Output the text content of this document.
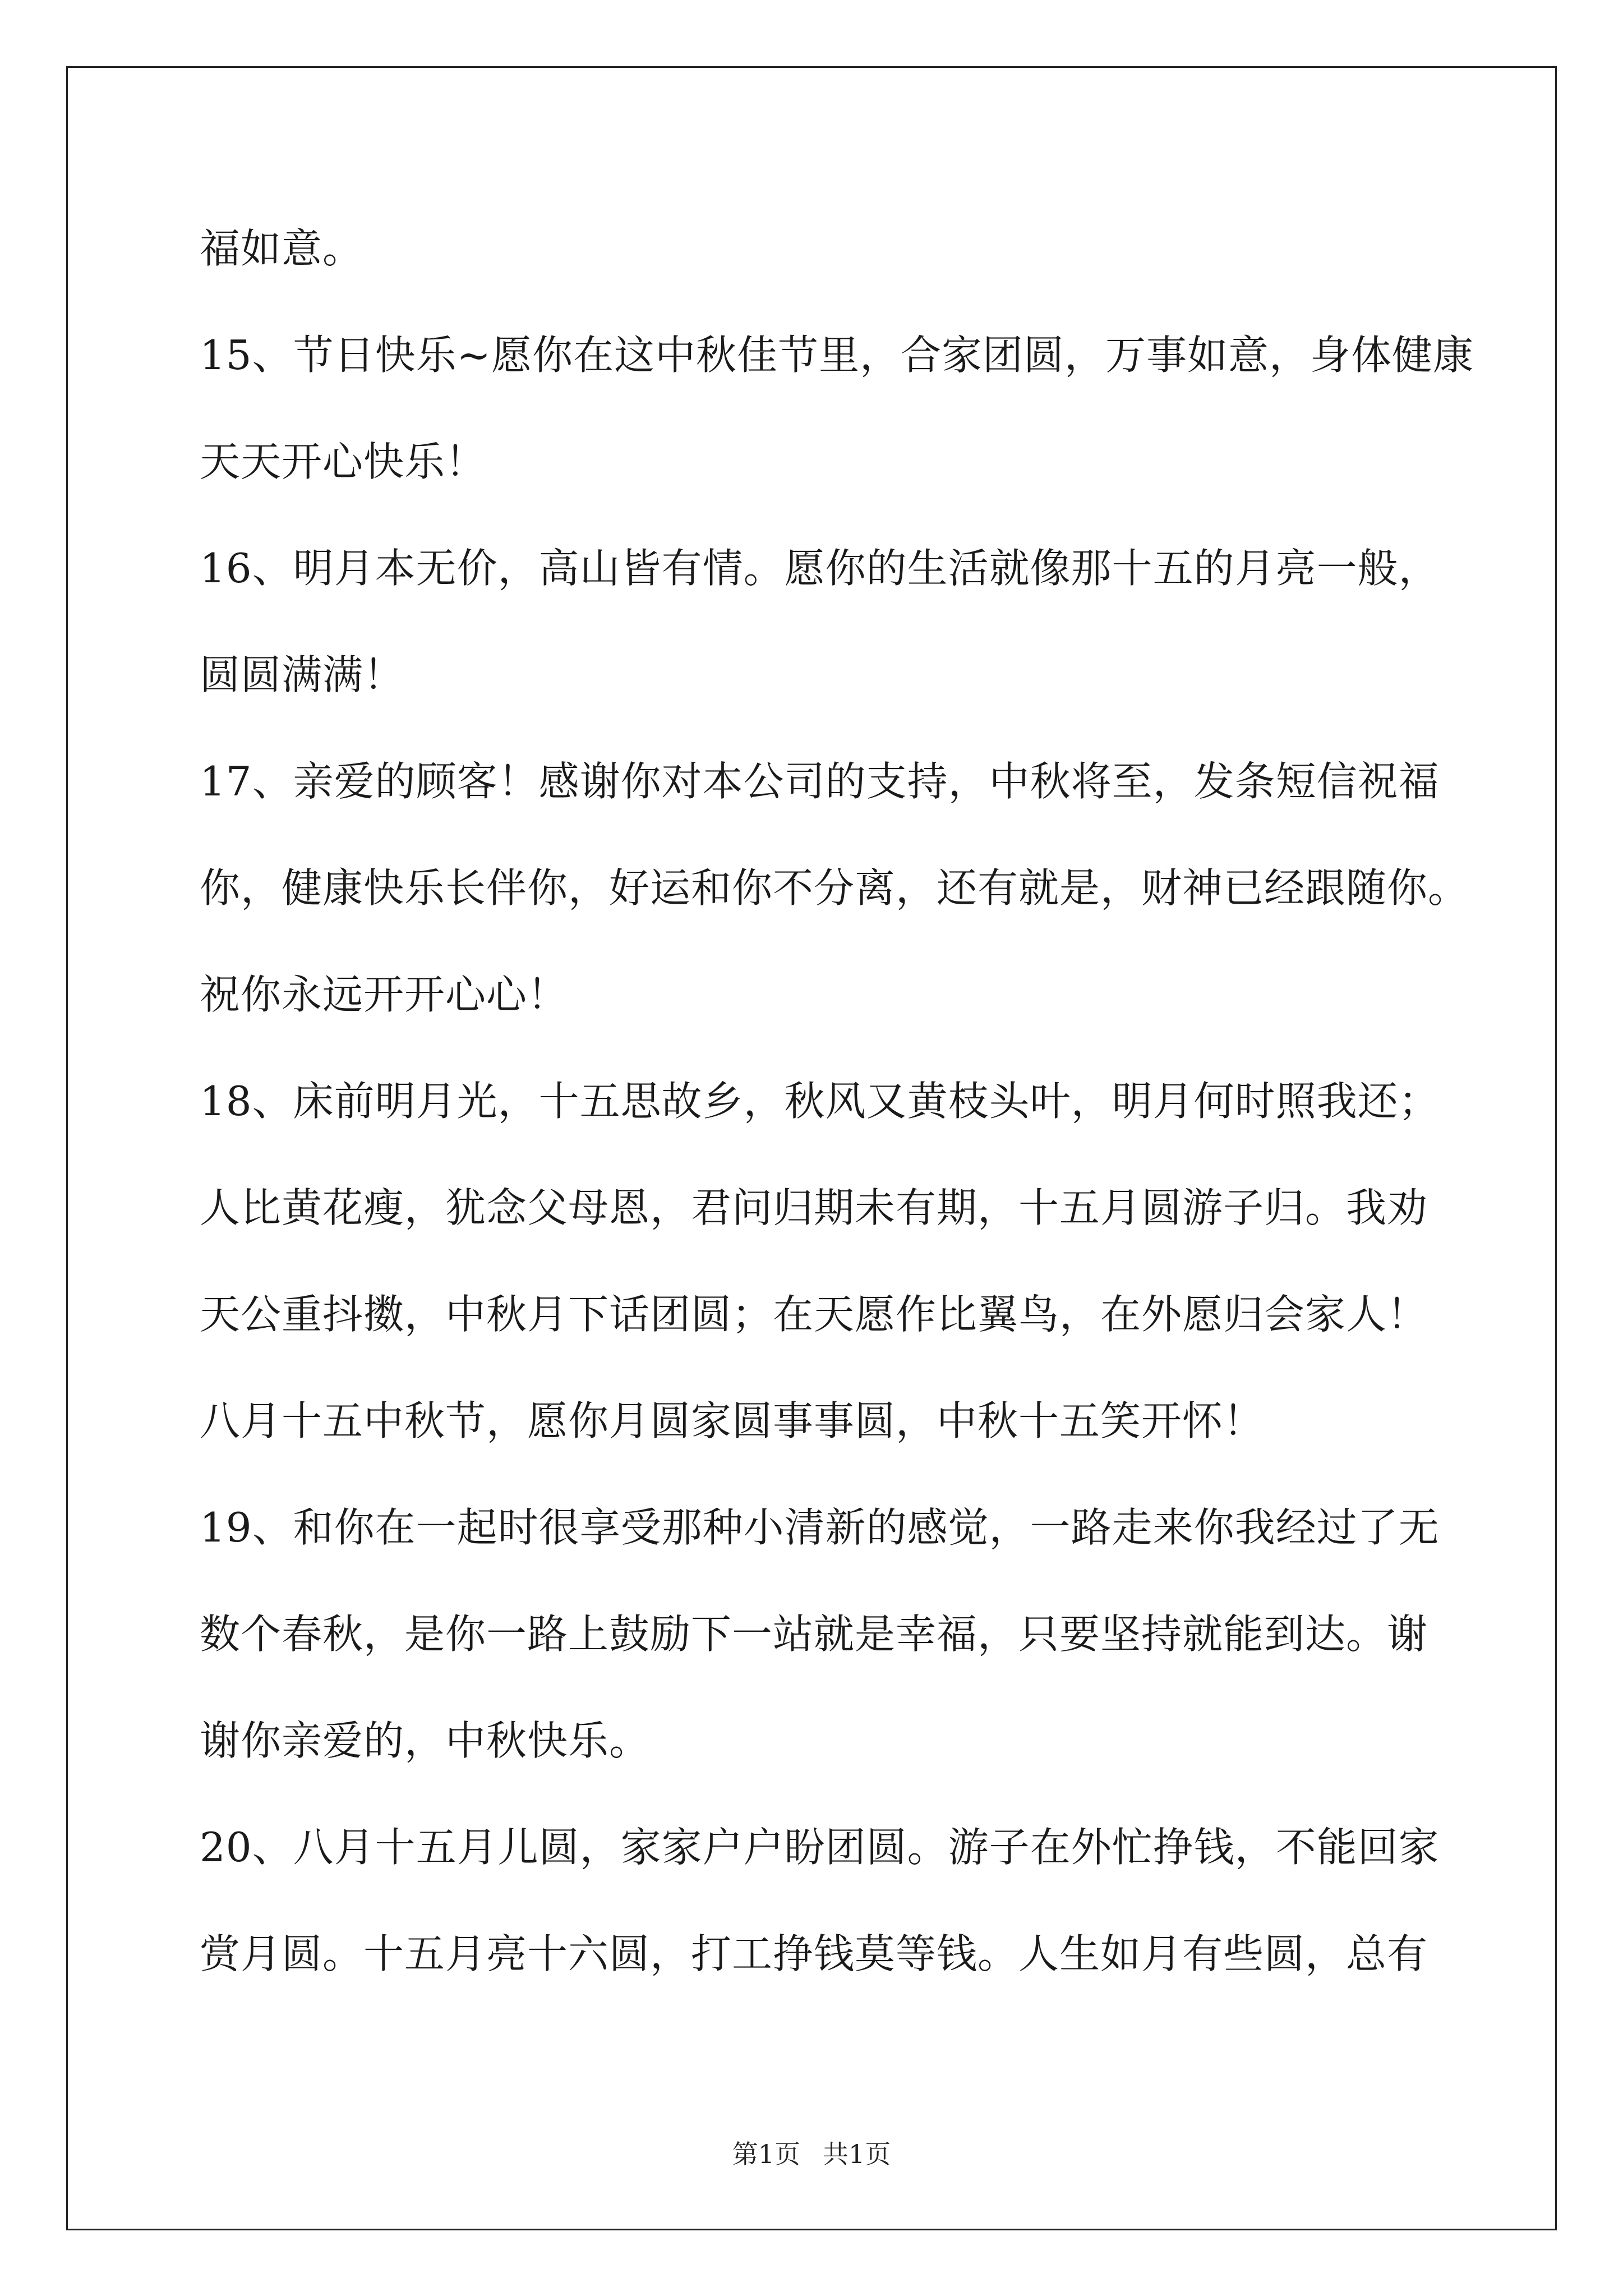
福如意。
15、节日快乐~愿你在这中秋佳节里，合家团圆，万事如意，身体健康
天天开心快乐！
16、明月本无价，高山皆有情。愿你的生活就像那十五的月亮一般，
圆圆满满！
17、亲爱的顾客！感谢你对本公司的支持，中秋将至，发条短信祝福
你，健康快乐长伴你，好运和你不分离，还有就是，财神已经跟随你。
祝你永远开开心心！
18、床前明月光，十五思故乡，秋风又黄枝头叶，明月何时照我还；
人比黄花瘦，犹念父母恩，君问归期未有期，十五月圆游子归。我劝
天公重抖擞，中秋月下话团圆；在天愿作比翼鸟，在外愿归会家人！
八月十五中秋节，愿你月圆家圆事事圆，中秋十五笑开怀！
19、和你在一起时很享受那种小清新的感觉，一路走来你我经过了无
数个春秋，是你一路上鼓励下一站就是幸福，只要坚持就能到达。谢
谢你亲爱的，中秋快乐。
20、八月十五月儿圆，家家户户盼团圆。游子在外忙挣钱，不能回家
赏月圆。十五月亮十六圆，打工挣钱莫等钱。人生如月有些圆，总有
第1页 共1页
